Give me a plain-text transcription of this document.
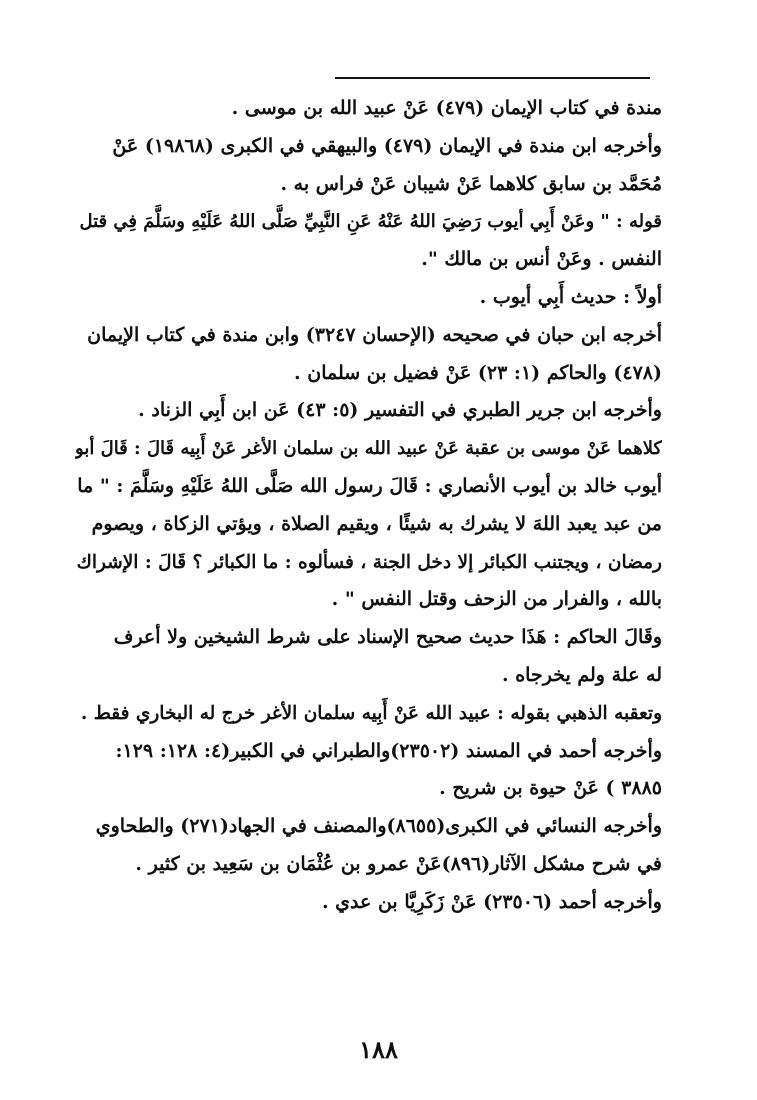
مندة في كتاب الإيمان (٤٧٩) عَنْ عبيد الله بن موسى .
وأخرجه ابن مندة في الإيمان (٤٧٩) والبيهقي في الكبرى (١٩٨٦٨) عَنْ
مُحَمَّد بن سابق كلاهما عَنْ شيبان عَنْ فراس به .
قوله : " وعَنْ أَبِي أيوب رَضِيَ اللهُ عَنْهُ عَنِ النَّبِيِّ صَلَّى اللهُ عَلَيْهِ وسَلَّمَ فِي قتل
النفس . وعَنْ أنس بن مالك ".
أولاً : حديث أَبِي أيوب .
أخرجه ابن حبان في صحيحه (الإحسان ٣٢٤٧) وابن مندة في كتاب الإيمان
(٤٧٨) والحاكم (١: ٢٣) عَنْ فضيل بن سلمان .
وأخرجه ابن جرير الطبري في التفسير (٥: ٤٣) عَن ابن أَبِي الزناد .
كلاهما عَنْ موسى بن عقبة عَنْ عبيد الله بن سلمان الأغر عَنْ أَبِيه قَالَ : قَالَ أبو
أيوب خالد بن أيوب الأنصاري : قَالَ رسول الله صَلَّى اللهُ عَلَيْهِ وسَلَّمَ : " ما
من عبد يعبد اللهَ لا يشرك به شيئًا ، ويقيم الصلاة ، ويؤتي الزكاة ، ويصوم
رمضان ، ويجتنب الكبائر إلا دخل الجنة ، فسألوه : ما الكبائر ؟ قَالَ : الإشراك
بالله ، والفرار من الزحف وقتل النفس " .
وقَالَ الحاكم : هَذَا حديث صحيح الإسناد على شرط الشيخين ولا أعرف
له علة ولم يخرجاه .
وتعقبه الذهبي بقوله : عبيد الله عَنْ أَبِيه سلمان الأغر خرج له البخاري فقط .
وأخرجه أحمد في المسند (٢٣٥٠٢)والطبراني في الكبير(٤: ١٢٨: ١٢٩:
٣٨٨٥ ) عَنْ حيوة بن شريح .
وأخرجه النسائي في الكبرى(٨٦٥٥)والمصنف في الجهاد(٢٧١) والطحاوي
في شرح مشكل الآثار(٨٩٦)عَنْ عمرو بن عُثْمَان بن سَعِيد بن كثير .
وأخرجه أحمد (٢٣٥٠٦) عَنْ زَكَرِيَّا بن عدي .
١٨٨
